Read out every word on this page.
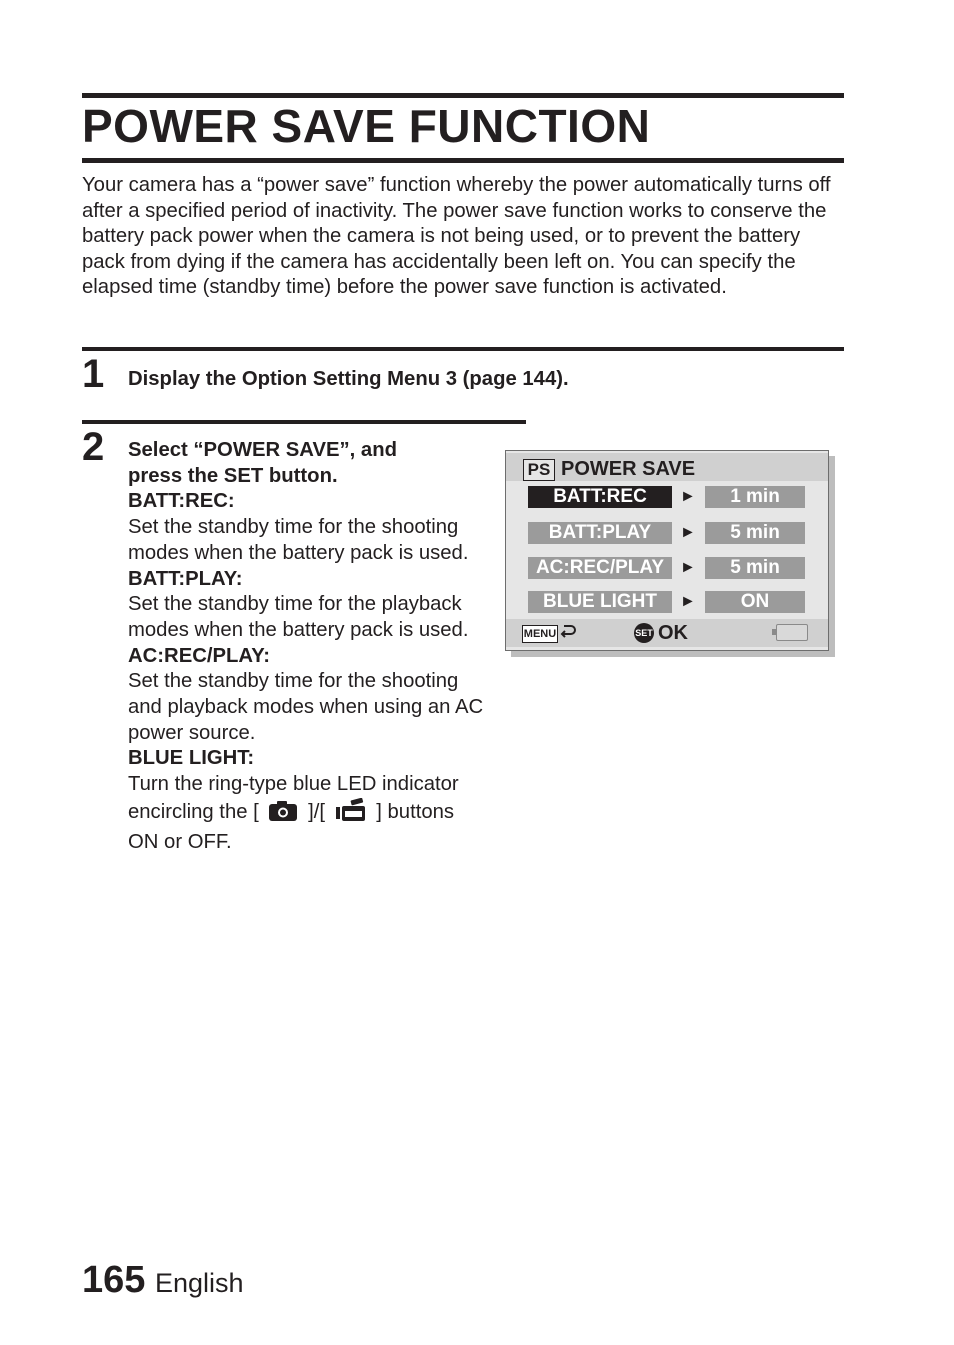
POWER SAVE FUNCTION
Your camera has a “power save” function whereby the power automatically turns off after a specified period of inactivity. The power save function works to conserve the battery pack power when the camera is not being used, or to prevent the battery pack from dying if the camera has accidentally been left on. You can specify the elapsed time (standby time) before the power save function is activated.
1 Display the Option Setting Menu 3 (page 144).
2 Select “POWER SAVE”, and
press the SET button.
BATT:REC:
Set the standby time for the shooting modes when the battery pack is used.
BATT:PLAY:
Set the standby time for the playback modes when the battery pack is used.
AC:REC/PLAY:
Set the standby time for the shooting and playback modes when using an AC power source.
BLUE LIGHT:
Turn the ring-type blue LED indicator encircling the [ ]/[	] buttons ON or OFF.
PS POWER SAVE
BATT:REC	►	1 min
BATT:PLAY	►	5 min
AC:REC/PLAY ►	5 min
BLUE LIGHT	►	ON
MENU	SET OK
165 English
